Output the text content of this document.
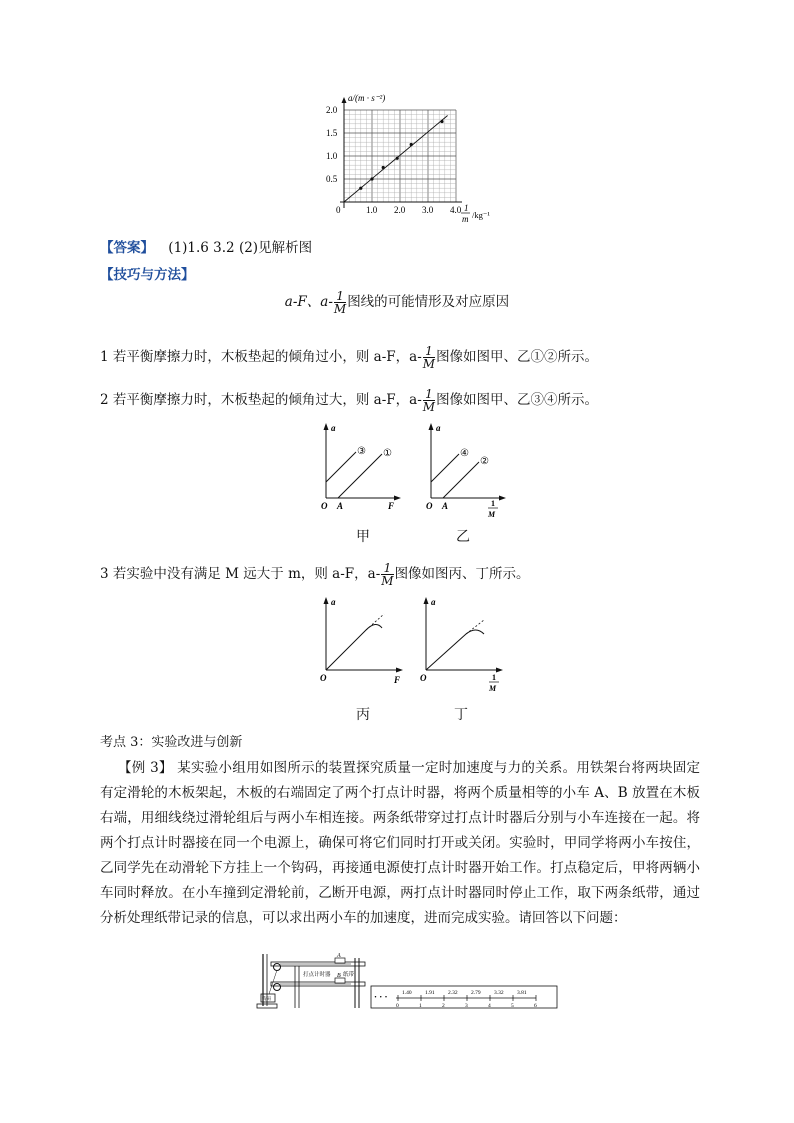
0	1.0 2.0 3.0 4.0
0.5
1.0
1.5
2.0
a/(m · s⁻²)
1
m /kg⁻¹
【答案】 (1)1.6 3.2 (2)见解析图
【技巧与方法】
a-F、$a- \frac{1}{M}$ 图线的可能情形及对应原因
1 若平衡摩擦力时，木板垫起的倾角过小，则 a-F，$a- \frac{1}{M}$ 图像如图甲、乙①②所示。
2 若平衡摩擦力时，木板垫起的倾角过大，则 a-F，$a- \frac{1}{M}$ 图像如图甲、乙③④所示。
a
O A	F
③ ①
甲
a
O A	1
M
④
②
乙
3 若实验中没有满足 M 远大于 m，则 a-F，$a- \frac{1}{M}$ 图像如图丙、丁所示。
a
O	F
丙
a
O	1
M
丁
考点 3：实验改进与创新
【例 3】 某实验小组用如图所示的装置探究质量一定时加速度与力的关系。用铁架台将两块固定有定滑轮的木板架起，木板的右端固定了两个打点计时器，将两个质量相等的小车 A、B 放置在木板右端，用细线绕过滑轮组后与两小车相连接。两条纸带穿过打点计时器后分别与小车连接在一起。将两个打点计时器接在同一个电源上，确保可将它们同时打开或关闭。实验时，甲同学将两小车按住，乙同学先在动滑轮下方挂上一个钩码，再接通电源使打点计时器开始工作。打点稳定后，甲将两辆小车同时释放。在小车撞到定滑轮前，乙断开电源，两打点计时器同时停止工作，取下两条纸带，通过分析处理纸带记录的信息，可以求出两小车的加速度，进而完成实验。请回答以下问题：
A
B
打点计时器 纸带
钩码	· · ·
0	1	2	3	4	5	6
1.40 1.91 2.32 2.79 3.32 3.81
